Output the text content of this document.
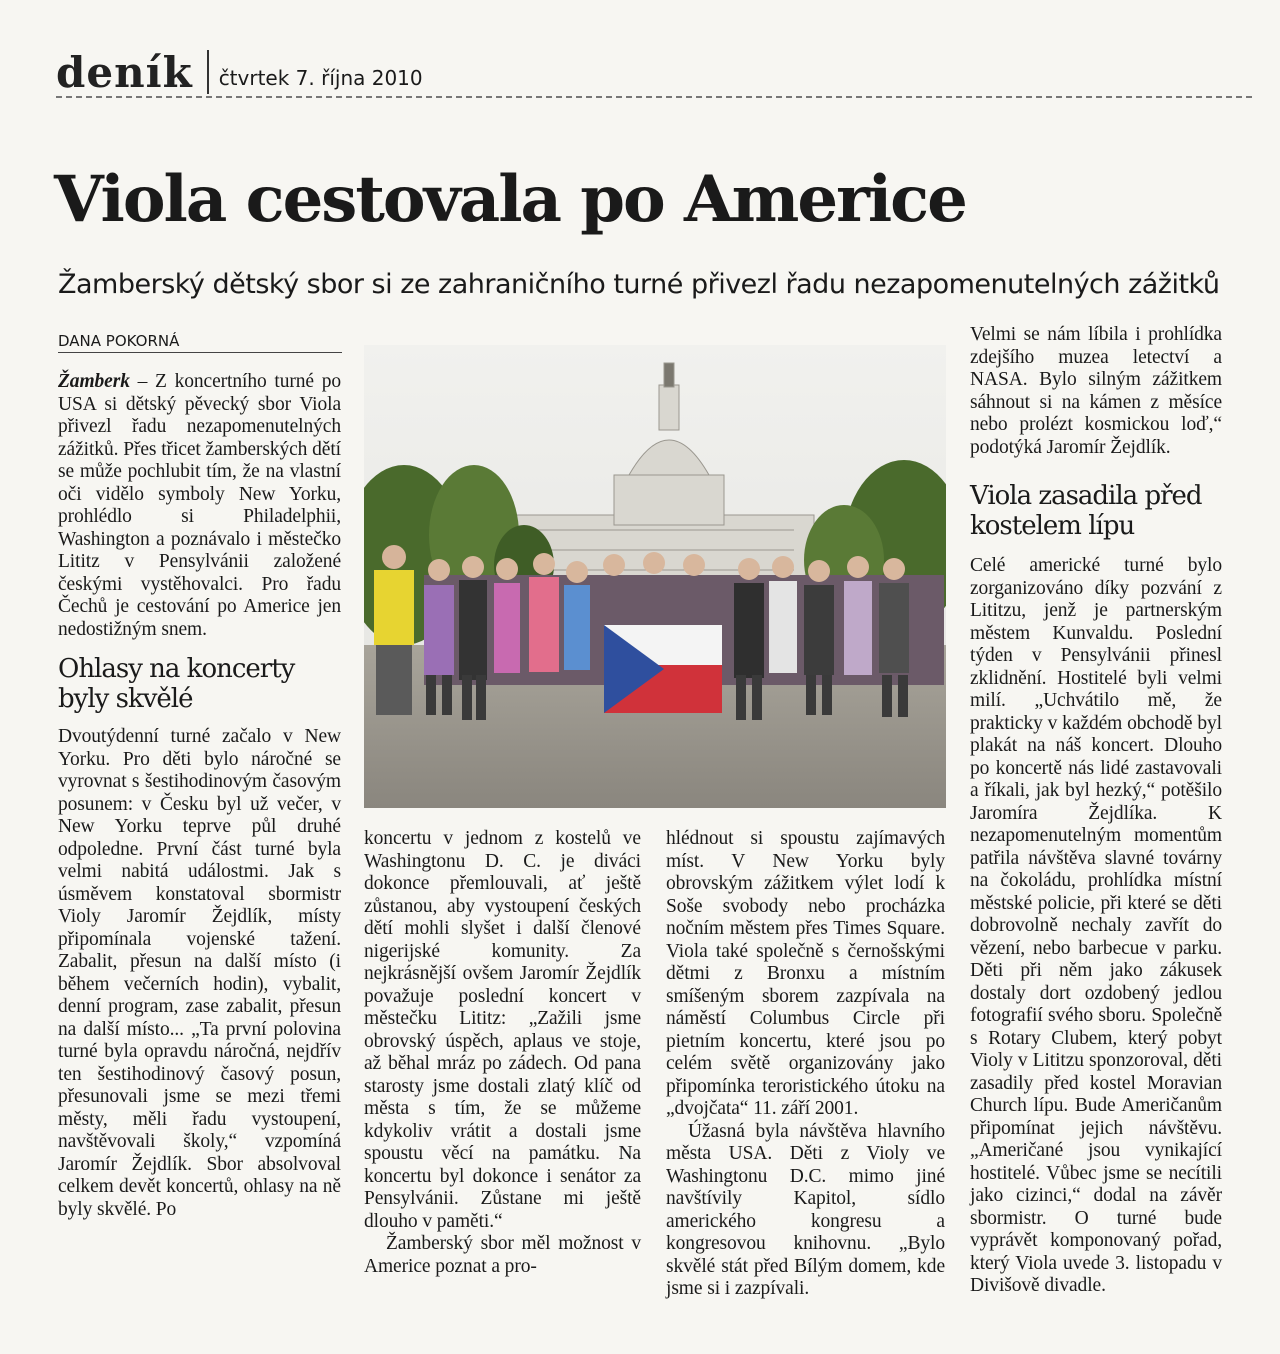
deník čtvrtek 7. října 2010
Viola cestovala po Americe

Žamberský dětský sbor si ze zahraničního turné přivezl řadu nezapomenutelných zážitků

DANA POKORNÁ

Žamberk – Z koncertního turné po USA si dětský pěvecký sbor Viola přivezl řadu nezapomenutelných zážitků. Přes třicet žamberských dětí se může pochlubit tím, že na vlastní oči vidělo symboly New Yorku, prohlédlo si Philadelphii, Washington a poznávalo i městečko Lititz v Pensylvánii založené českými vystěhovalci. Pro řadu Čechů je cestování po Americe jen nedostižným snem.

Ohlasy na koncerty byly skvělé

Dvoutýdenní turné začalo v New Yorku. Pro děti bylo náročné se vyrovnat s šestihodinovým časovým posunem: v Česku byl už večer, v New Yorku teprve půl druhé odpoledne. První část turné byla velmi nabitá událostmi. Jak s úsměvem konstatoval sbormistr Violy Jaromír Žejdlík, místy připomínala vojenské tažení. Zabalit, přesun na další místo (i během večerních hodin), vybalit, denní program, zase zabalit, přesun na další místo... „Ta první polovina turné byla opravdu náročná, nejdřív ten šestihodinový časový posun, přesunovali jsme se mezi třemi městy, měli řadu vystoupení, navštěvovali školy,“ vzpomíná Jaromír Žejdlík. Sbor absolvoval celkem devět koncertů, ohlasy na ně byly skvělé. Po

koncertu v jednom z kostelů ve Washingtonu D. C. je diváci dokonce přemlouvali, ať ještě zůstanou, aby vystoupení českých dětí mohli slyšet i další členové nigerijské komunity. Za nejkrásnější ovšem Jaromír Žejdlík považuje poslední koncert v městečku Lititz: „Zažili jsme obrovský úspěch, aplaus ve stoje, až běhal mráz po zádech. Od pana starosty jsme dostali zlatý klíč od města s tím, že se můžeme kdykoliv vrátit a dostali jsme spoustu věcí na památku. Na koncertu byl dokonce i senátor za Pensylvánii. Zůstane mi ještě dlouho v paměti.“

Žamberský sbor měl možnost v Americe poznat a pro-

hlédnout si spoustu zajímavých míst. V New Yorku byly obrovským zážitkem výlet lodí k Soše svobody nebo procházka nočním městem přes Times Square. Viola také společně s černošskými dětmi z Bronxu a místním smíšeným sborem zazpívala na náměstí Columbus Circle při pietním koncertu, které jsou po celém světě organizovány jako připomínka teroristického útoku na „dvojčata“ 11. září 2001.

Úžasná byla návštěva hlavního města USA. Děti z Violy ve Washingtonu D.C. mimo jiné navštívily Kapitol, sídlo amerického kongresu a kongresovou knihovnu. „Bylo skvělé stát před Bílým domem, kde jsme si i zazpívali.

Velmi se nám líbila i prohlídka zdejšího muzea letectví a NASA. Bylo silným zážitkem sáhnout si na kámen z měsíce nebo prolézt kosmickou loď,“ podotýká Jaromír Žejdlík.

Viola zasadila před kostelem lípu

Celé americké turné bylo zorganizováno díky pozvání z Lititzu, jenž je partnerským městem Kunvaldu. Poslední týden v Pensylvánii přinesl zklidnění. Hostitelé byli velmi milí. „Uchvátilo mě, že prakticky v každém obchodě byl plakát na náš koncert. Dlouho po koncertě nás lidé zastavovali a říkali, jak byl hezký,“ potěšilo Jaromíra Žejdlíka. K nezapomenutelným momentům patřila návštěva slavné továrny na čokoládu, prohlídka místní městské policie, při které se děti dobrovolně nechaly zavřít do vězení, nebo barbecue v parku. Děti při něm jako zákusek dostaly dort ozdobený jedlou fotografií svého sboru. Společně s Rotary Clubem, který pobyt Violy v Lititzu sponzoroval, děti zasadily před kostel Moravian Church lípu. Bude Američanům připomínat jejich návštěvu. „Američané jsou vynikající hostitelé. Vůbec jsme se necítili jako cizinci,“ dodal na závěr sbormistr. O turné bude vyprávět komponovaný pořad, který Viola uvede 3. listopadu v Divišově divadle.
